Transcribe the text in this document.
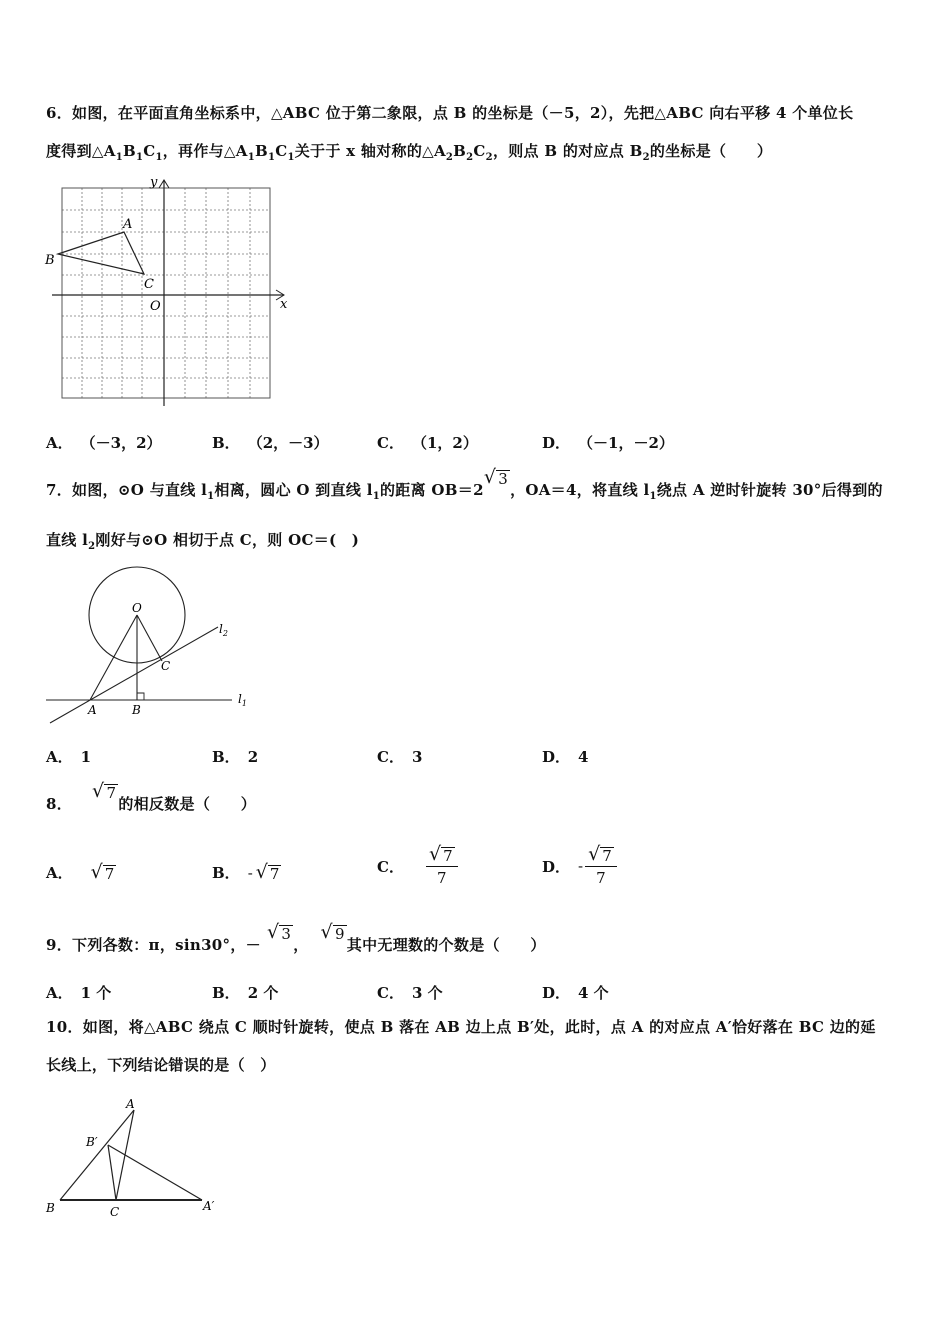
6．如图，在平面直角坐标系中，△ABC 位于第二象限，点 B 的坐标是（－5，2），先把△ABC 向右平移 4 个单位长
度得到$\triangle A_1B_1C_1$，再作与$\triangle A_1B_1C_1$关于于 x 轴对称的$\triangle A_2B_2C_2$，则点 B 的对应点 $B_2$的坐标是（　　）
y
x
A
B
C
O
A． （－3，2）	B． （2，－3）	C． （1，2）	D． （－1，－2）
7．如图，⊙O 与直线 $l_1$相离，圆心 O 到直线 $l_1$的距离 OB＝2
√ 3
，OA＝4，将直线 $l_1$绕点 A 逆时针旋转 30°后得到的
直线 $l_2$刚好与⊙O 相切于点 C，则 OC＝(　)
O
C
A	B
$l_2$
$l_1$
A． 1	B． 2	C． 3	D． 4
8．
√ 7
的相反数是（　　）
A． √ 7	B． - √ 7	C． $\frac{√ 7}{7}$	D． - $\frac{√ 7}{7}$
9．下列各数：π，sin30°，－
√ 3
，
√ 9
其中无理数的个数是（　　）
A． 1 个	B． 2 个	C． 3 个	D． 4 个
10．如图，将△ABC 绕点 C 顺时针旋转，使点 B 落在 AB 边上点 B′处，此时，点 A 的对应点 A′恰好落在 BC 边的延
长线上，下列结论错误的是（　）
A
B′
B	C	A′
